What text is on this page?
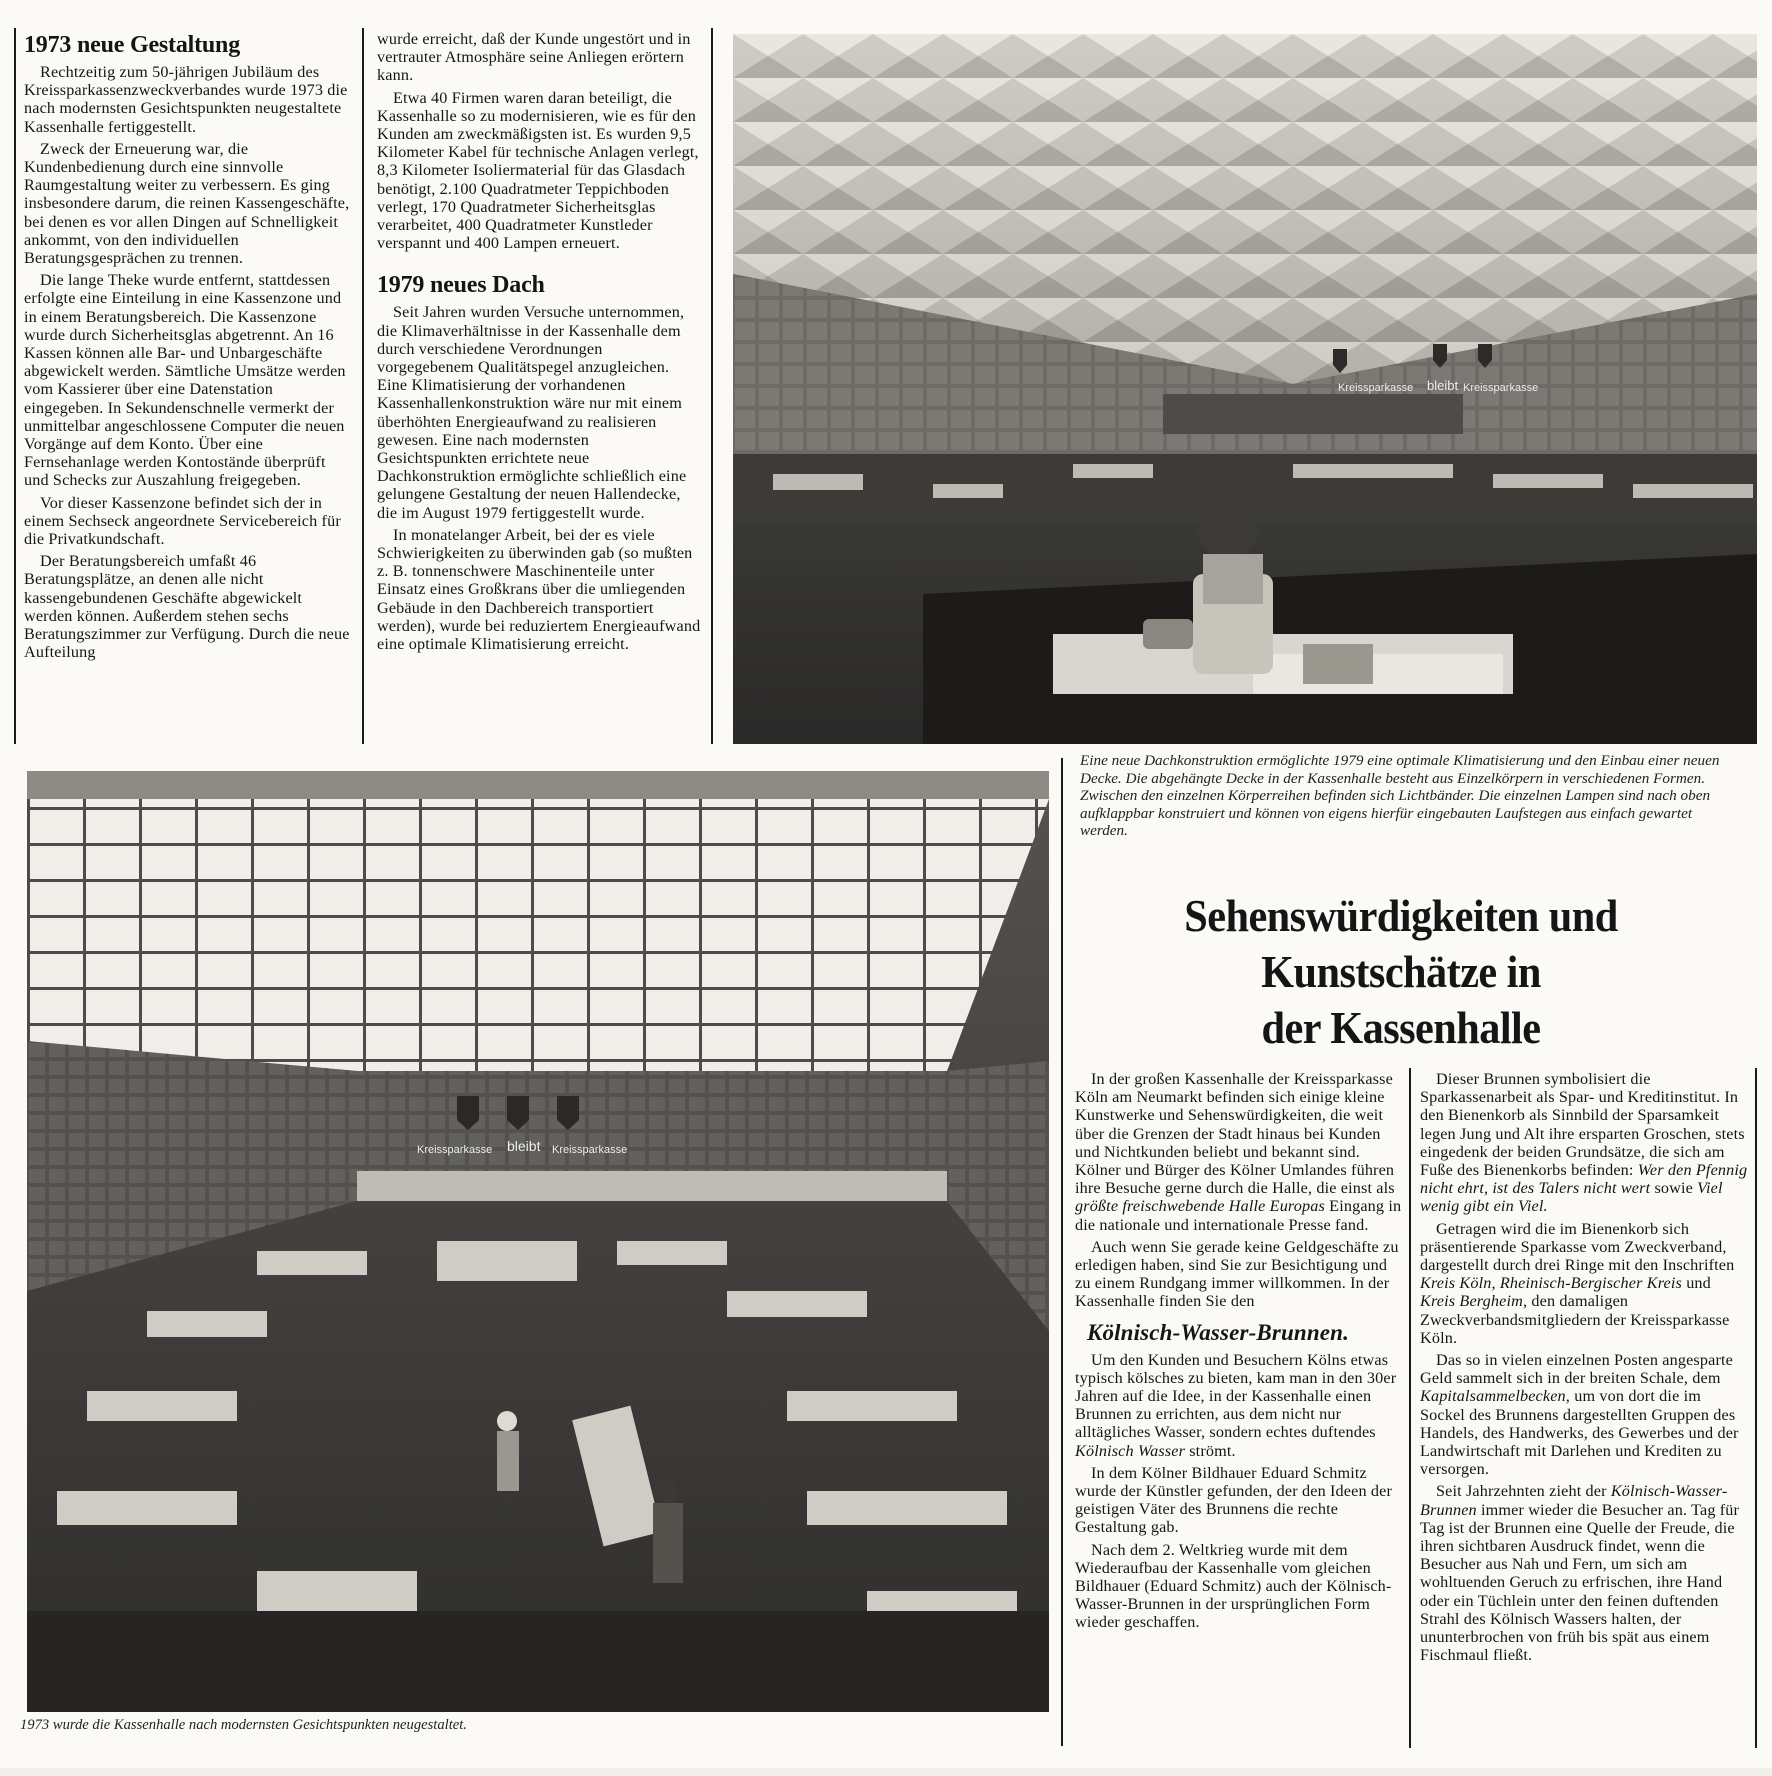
1973 neue Gestaltung

Rechtzeitig zum 50-jährigen Jubiläum des Kreissparkassenzweckverbandes wurde 1973 die nach modernsten Gesichtspunkten neugestaltete Kassenhalle fertiggestellt.

Zweck der Erneuerung war, die Kundenbedienung durch eine sinnvolle Raumgestaltung weiter zu verbessern. Es ging insbesondere darum, die reinen Kassengeschäfte, bei denen es vor allen Dingen auf Schnelligkeit ankommt, von den individuellen Beratungsgesprächen zu trennen.

Die lange Theke wurde entfernt, stattdessen erfolgte eine Einteilung in eine Kassenzone und in einem Beratungsbereich. Die Kassenzone wurde durch Sicherheitsglas abgetrennt. An 16 Kassen können alle Bar- und Unbargeschäfte abgewickelt werden. Sämtliche Umsätze werden vom Kassierer über eine Datenstation eingegeben. In Sekundenschnelle vermerkt der unmittelbar angeschlossene Computer die neuen Vorgänge auf dem Konto. Über eine Fernsehanlage werden Kontostände überprüft und Schecks zur Auszahlung freigegeben.

Vor dieser Kassenzone befindet sich der in einem Sechseck angeordnete Servicebereich für die Privatkundschaft.

Der Beratungsbereich umfaßt 46 Beratungsplätze, an denen alle nicht kassengebundenen Geschäfte abgewickelt werden können. Außerdem stehen sechs Beratungszimmer zur Verfügung. Durch die neue Aufteilung

wurde erreicht, daß der Kunde ungestört und in vertrauter Atmosphäre seine Anliegen erörtern kann.

Etwa 40 Firmen waren daran beteiligt, die Kassenhalle so zu modernisieren, wie es für den Kunden am zweckmäßigsten ist. Es wurden 9,5 Kilometer Kabel für technische Anlagen verlegt, 8,3 Kilometer Isoliermaterial für das Glasdach benötigt, 2.100 Quadratmeter Teppichboden verlegt, 170 Quadratmeter Sicherheitsglas verarbeitet, 400 Quadratmeter Kunstleder verspannt und 400 Lampen erneuert.

1979 neues Dach

Seit Jahren wurden Versuche unternommen, die Klimaverhältnisse in der Kassenhalle dem durch verschiedene Verordnungen vorgegebenem Qualitätspegel anzugleichen. Eine Klimatisierung der vorhandenen Kassenhallenkonstruktion wäre nur mit einem überhöhten Energieaufwand zu realisieren gewesen. Eine nach modernsten Gesichtspunkten errichtete neue Dachkonstruktion ermöglichte schließlich eine gelungene Gestaltung der neuen Hallendecke, die im August 1979 fertiggestellt wurde.

In monatelanger Arbeit, bei der es viele Schwierigkeiten zu überwinden gab (so mußten z. B. tonnenschwere Maschinenteile unter Einsatz eines Großkrans über die umliegenden Gebäude in den Dachbereich transportiert werden), wurde bei reduziertem Energieaufwand eine optimale Klimatisierung erreicht.

Kreissparkasse bleibt Kreissparkasse
Eine neue Dachkonstruktion ermöglichte 1979 eine optimale Klimatisierung und den Einbau einer neuen Decke. Die abgehängte Decke in der Kassenhalle besteht aus Einzelkörpern in verschiedenen Formen. Zwischen den einzelnen Körperreihen befinden sich Lichtbänder. Die einzelnen Lampen sind nach oben aufklappbar konstruiert und können von eigens hierfür eingebauten Laufstegen aus einfach gewartet werden.
Kreissparkasse bleibt Kreissparkasse
1973 wurde die Kassenhalle nach modernsten Gesichtspunkten neugestaltet.
Sehenswürdigkeiten und
Kunstschätze in
der Kassenhalle

In der großen Kassenhalle der Kreissparkasse Köln am Neumarkt befinden sich einige kleine Kunstwerke und Sehenswürdigkeiten, die weit über die Grenzen der Stadt hinaus bei Kunden und Nichtkunden beliebt und bekannt sind. Kölner und Bürger des Kölner Umlandes führen ihre Besuche gerne durch die Halle, die einst als größte freischwebende Halle Europas Eingang in die nationale und internationale Presse fand.

Auch wenn Sie gerade keine Geldgeschäfte zu erledigen haben, sind Sie zur Besichtigung und zu einem Rundgang immer willkommen. In der Kassenhalle finden Sie den

Kölnisch-Wasser-Brunnen.

Um den Kunden und Besuchern Kölns etwas typisch kölsches zu bieten, kam man in den 30er Jahren auf die Idee, in der Kassenhalle einen Brunnen zu errichten, aus dem nicht nur alltägliches Wasser, sondern echtes duftendes Kölnisch Wasser strömt.

In dem Kölner Bildhauer Eduard Schmitz wurde der Künstler gefunden, der den Ideen der geistigen Väter des Brunnens die rechte Gestaltung gab.

Nach dem 2. Weltkrieg wurde mit dem Wiederaufbau der Kassenhalle vom gleichen Bildhauer (Eduard Schmitz) auch der Kölnisch-Wasser-Brunnen in der ursprünglichen Form wieder geschaffen.

Dieser Brunnen symbolisiert die Sparkassenarbeit als Spar- und Kreditinstitut. In den Bienenkorb als Sinnbild der Sparsamkeit legen Jung und Alt ihre ersparten Groschen, stets eingedenk der beiden Grundsätze, die sich am Fuße des Bienenkorbs befinden: Wer den Pfennig nicht ehrt, ist des Talers nicht wert sowie Viel wenig gibt ein Viel.

Getragen wird die im Bienenkorb sich präsentierende Sparkasse vom Zweckverband, dargestellt durch drei Ringe mit den Inschriften Kreis Köln, Rheinisch-Bergischer Kreis und Kreis Bergheim, den damaligen Zweckverbandsmitgliedern der Kreissparkasse Köln.

Das so in vielen einzelnen Posten angesparte Geld sammelt sich in der breiten Schale, dem Kapitalsammelbecken, um von dort die im Sockel des Brunnens dargestellten Gruppen des Handels, des Handwerks, des Gewerbes und der Landwirtschaft mit Darlehen und Krediten zu versorgen.

Seit Jahrzehnten zieht der Kölnisch-Wasser-Brunnen immer wieder die Besucher an. Tag für Tag ist der Brunnen eine Quelle der Freude, die ihren sichtbaren Ausdruck findet, wenn die Besucher aus Nah und Fern, um sich am wohltuenden Geruch zu erfrischen, ihre Hand oder ein Tüchlein unter den feinen duftenden Strahl des Kölnisch Wassers halten, der ununterbrochen von früh bis spät aus einem Fischmaul fließt.
